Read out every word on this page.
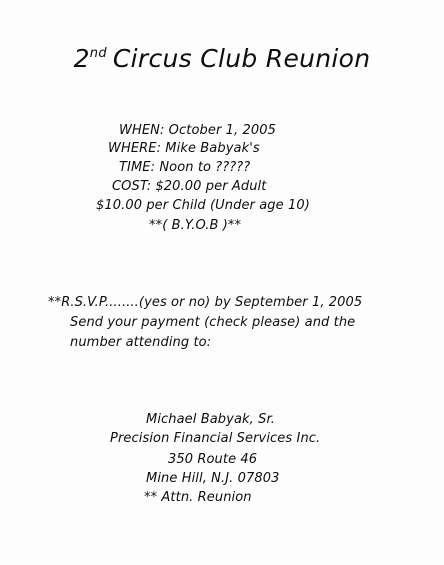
2nd Circus Club Reunion
WHEN: October 1, 2005
WHERE: Mike Babyak's
TIME: Noon to ?????
COST: $20.00 per Adult
$10.00 per Child (Under age 10)
**( B.Y.O.B )**
**R.S.V.P........(yes or no) by September 1, 2005
Send your payment (check please) and the
number attending to:
Michael Babyak, Sr.
Precision Financial Services Inc.
350 Route 46
Mine Hill, N.J. 07803
** Attn. Reunion
